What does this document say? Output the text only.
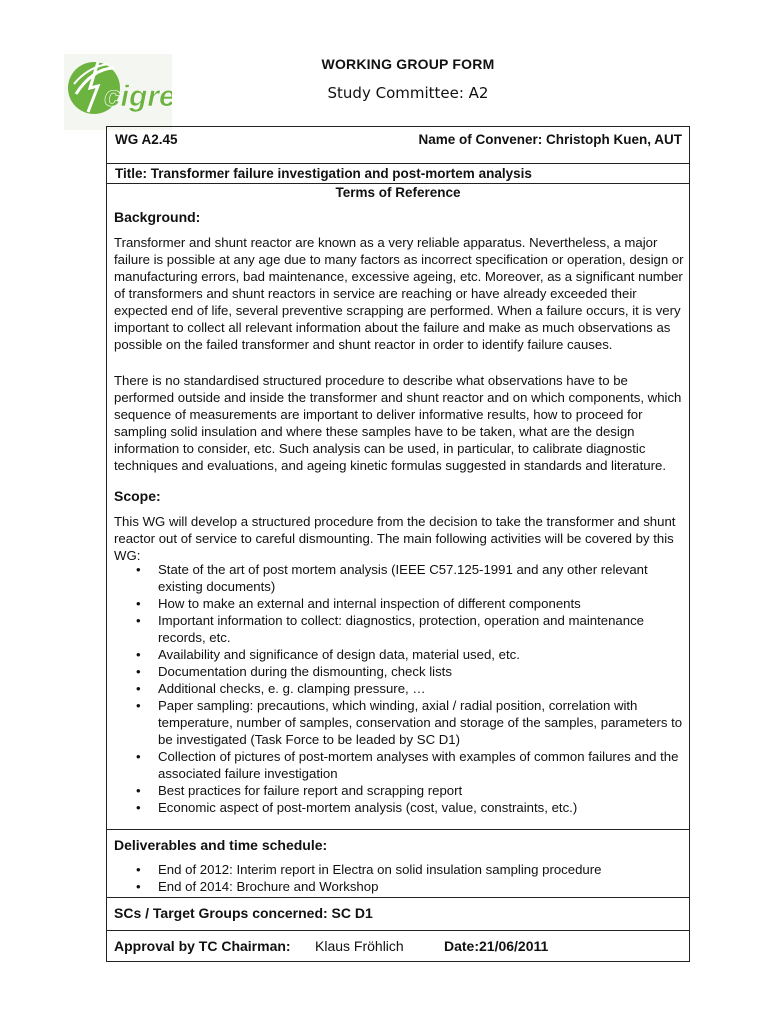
cigre
WORKING GROUP FORM
Study Committee: A2
WG A2.45	Name of Convener: Christoph Kuen, AUT
Title: Transformer failure investigation and post-mortem analysis
Terms of Reference
Background:

Transformer and shunt reactor are known as a very reliable apparatus. Nevertheless, a major failure is possible at any age due to many factors as incorrect specification or operation, design or manufacturing errors, bad maintenance, excessive ageing, etc. Moreover, as a significant number of transformers and shunt reactors in service are reaching or have already exceeded their expected end of life, several preventive scrapping are performed. When a failure occurs, it is very important to collect all relevant information about the failure and make as much observations as possible on the failed transformer and shunt reactor in order to identify failure causes.

There is no standardised structured procedure to describe what observations have to be performed outside and inside the transformer and shunt reactor and on which components, which sequence of measurements are important to deliver informative results, how to proceed for sampling solid insulation and where these samples have to be taken, what are the design information to consider, etc. Such analysis can be used, in particular, to calibrate diagnostic techniques and evaluations, and ageing kinetic formulas suggested in standards and literature.

Scope:

This WG will develop a structured procedure from the decision to take the transformer and shunt reactor out of service to careful dismounting. The main following activities will be covered by this WG:

• State of the art of post mortem analysis (IEEE C57.125-1991 and any other relevant existing documents)
• How to make an external and internal inspection of different components
• Important information to collect: diagnostics, protection, operation and maintenance records, etc.
• Availability and significance of design data, material used, etc.
• Documentation during the dismounting, check lists
• Additional checks, e. g. clamping pressure, …
• Paper sampling: precautions, which winding, axial / radial position, correlation with temperature, number of samples, conservation and storage of the samples, parameters to be investigated (Task Force to be leaded by SC D1)
• Collection of pictures of post-mortem analyses with examples of common failures and the associated failure investigation
• Best practices for failure report and scrapping report
• Economic aspect of post-mortem analysis (cost, value, constraints, etc.)
Deliverables and time schedule:
• End of 2012: Interim report in Electra on solid insulation sampling procedure
• End of 2014: Brochure and Workshop
SCs / Target Groups concerned: SC D1
Approval by TC Chairman: Klaus Fröhlich	Date:21/06/2011
